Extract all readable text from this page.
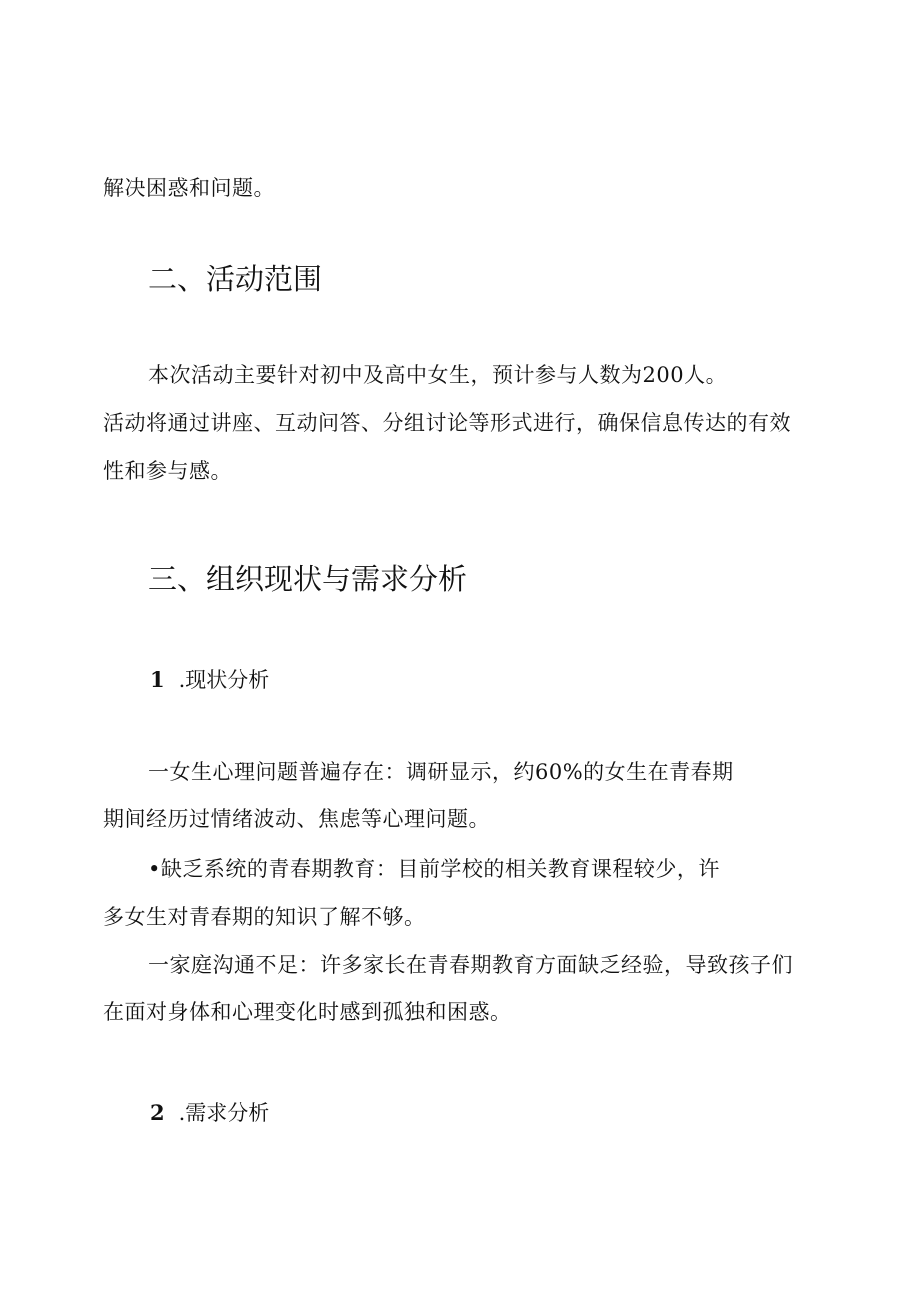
解决困惑和问题。
二、活动范围
本次活动主要针对初中及高中女生，预计参与人数为200人。
活动将通过讲座、互动问答、分组讨论等形式进行，确保信息传达的有效
性和参与感。
三、组织现状与需求分析
1 .现状分析
一女生心理问题普遍存在：调研显示，约60%的女生在青春期
期间经历过情绪波动、焦虑等心理问题。
•缺乏系统的青春期教育：目前学校的相关教育课程较少，许
多女生对青春期的知识了解不够。
一家庭沟通不足：许多家长在青春期教育方面缺乏经验，导致孩子们
在面对身体和心理变化时感到孤独和困惑。
2 .需求分析
